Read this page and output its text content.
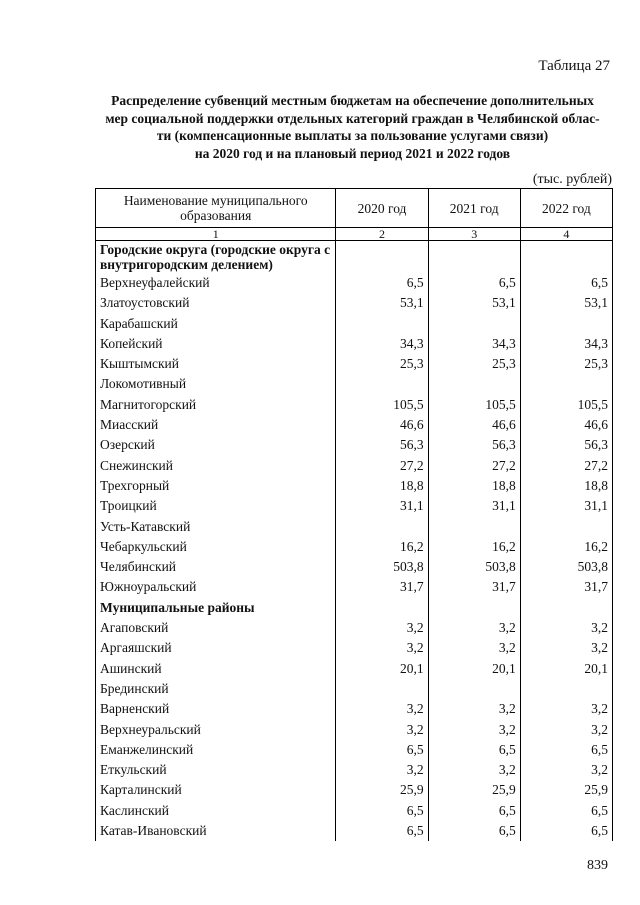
Таблица 27
Распределение субвенций местным бюджетам на обеспечение дополнительных
мер социальной поддержки отдельных категорий граждан в Челябинской облас-
ти (компенсационные выплаты за пользование услугами связи)
на 2020 год и на плановый период 2021 и 2022 годов
(тыс. рублей)
Наименование муниципального образования	2020 год	2021 год	2022 год
1	2	3	4
Городские округа (городские округа с внутригородским делением)			
Верхнеуфалейский	6,5	6,5	6,5
Златоустовский	53,1	53,1	53,1
Карабашский			
Копейский	34,3	34,3	34,3
Кыштымский	25,3	25,3	25,3
Локомотивный			
Магнитогорский	105,5	105,5	105,5
Миасский	46,6	46,6	46,6
Озерский	56,3	56,3	56,3
Снежинский	27,2	27,2	27,2
Трехгорный	18,8	18,8	18,8
Троицкий	31,1	31,1	31,1
Усть-Катавский			
Чебаркульский	16,2	16,2	16,2
Челябинский	503,8	503,8	503,8
Южноуральский	31,7	31,7	31,7
Муниципальные районы			
Агаповский	3,2	3,2	3,2
Аргаяшский	3,2	3,2	3,2
Ашинский	20,1	20,1	20,1
Брединский			
Варненский	3,2	3,2	3,2
Верхнеуральский	3,2	3,2	3,2
Еманжелинский	6,5	6,5	6,5
Еткульский	3,2	3,2	3,2
Карталинский	25,9	25,9	25,9
Каслинский	6,5	6,5	6,5
Катав-Ивановский	6,5	6,5	6,5
839
